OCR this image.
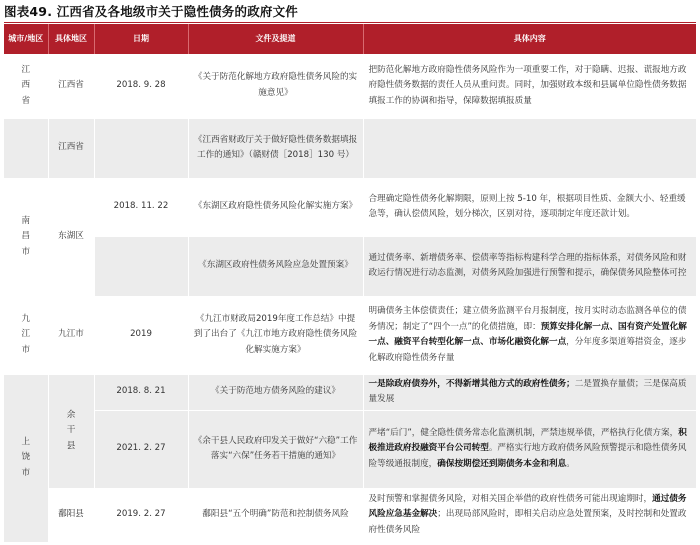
图表49. 江西省及各地级市关于隐性债务的政府文件
城市/地区	具体地区	日期	文件及提道	具体内容
江西省	江西省	2018. 9. 28	《关于防范化解地方政府隐性债务风险的实施意见》	把防范化解地方政府隐性债务风险作为一项重要工作，对于隐瞒、迟报、谎报地方政府隐性债务数据的责任人员从重问责。同时，加强财政本级和县属单位隐性债务数据填报工作的协调和指导，保障数据填报质量
	江西省		《江西省财政厅关于做好隐性债务数据填报工作的通知》（赣财债［2018］130 号）	
南昌市	东湖区	2018. 11. 22	《东湖区政府隐性债务风险化解实施方案》	合理确定隐性债务化解期限，原则上按 5-10 年，根据项目性质、金额大小、轻重缓急等，确认偿债风险，划分梯次，区别对待，逐项制定年度还款计划。
			《东湖区政府性债务风险应急处置预案》	通过债务率、新增债务率、偿债率等指标构建科学合理的指标体系，对债务风险和财政运行情况进行动态监测，对债务风险加强进行预警和提示，确保债务风险整体可控
九江市	九江市	2019	《九江市财政局2019年度工作总结》中提到了出台了《九江市地方政府隐性债务风险化解实施方案》	明确债务主体偿债责任；建立债务监测平台月报制度，按月实时动态监测各单位的债务情况；制定了“四个一点”的化债措施，即：预算安排化解一点、国有资产处置化解一点、融资平台转型化解一点、市场化融资化解一点，分年度多渠道筹措资金，逐步化解政府隐性债务存量
上饶市	余干县	2018. 8. 21	《关于防范地方债务风险的建议》	一是除政府债券外，不得新增其他方式的政府性债务；二是置换存量债；三是保高质量发展
		2021. 2. 27	《余干县人民政府印发关于做好“六稳”工作落实“六保”任务若干措施的通知》	严堵“后门”，健全隐性债务常态化监测机制，严禁违规举债，严格执行化债方案，积极推进政府投融资平台公司转型。严格实行地方政府债务风险预警提示和隐性债务风险等级通报制度，确保按期偿还到期债务本金和利息。
	鄱阳县	2019. 2. 27	鄱阳县“五个明确”防范和控制债务风险	及时预警和掌握债务风险，对相关国企举借的政府性债务可能出现逾期时，通过债务风险应急基金解决；出现局部风险时，即相关启动应急处置预案，及时控制和处置政府性债务风险
